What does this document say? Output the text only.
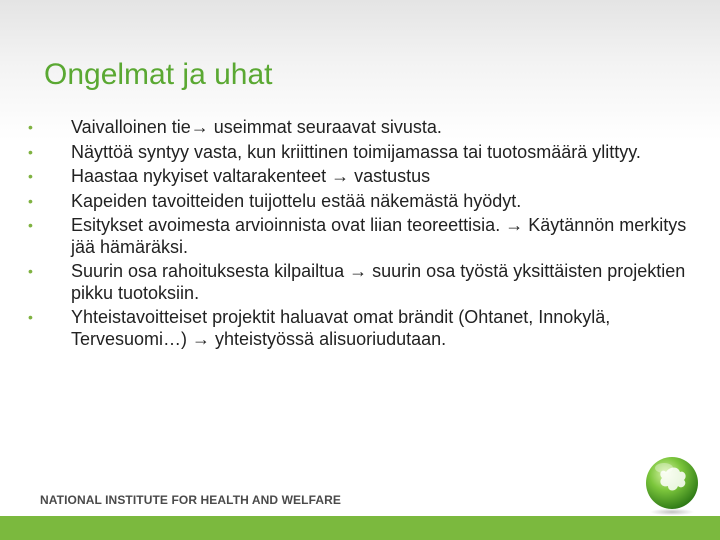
Ongelmat ja uhat
• Vaivalloinen tie→ useimmat seuraavat sivusta.
• Näyttöä syntyy vasta, kun kriittinen toimijamassa tai tuotosmäärä ylittyy.
• Haastaa nykyiset valtarakenteet → vastustus
• Kapeiden tavoitteiden tuijottelu estää näkemästä hyödyt.
• Esitykset avoimesta arvioinnista ovat liian teoreettisia. → Käytännön merkitys jää hämäräksi.
• Suurin osa rahoituksesta kilpailtua → suurin osa työstä yksittäisten projektien pikku tuotoksiin.
• Yhteistavoitteiset projektit haluavat omat brändit (Ohtanet, Innokylä, Tervesuomi…) → yhteistyössä alisuoriudutaan.
NATIONAL INSTITUTE FOR HEALTH AND WELFARE
